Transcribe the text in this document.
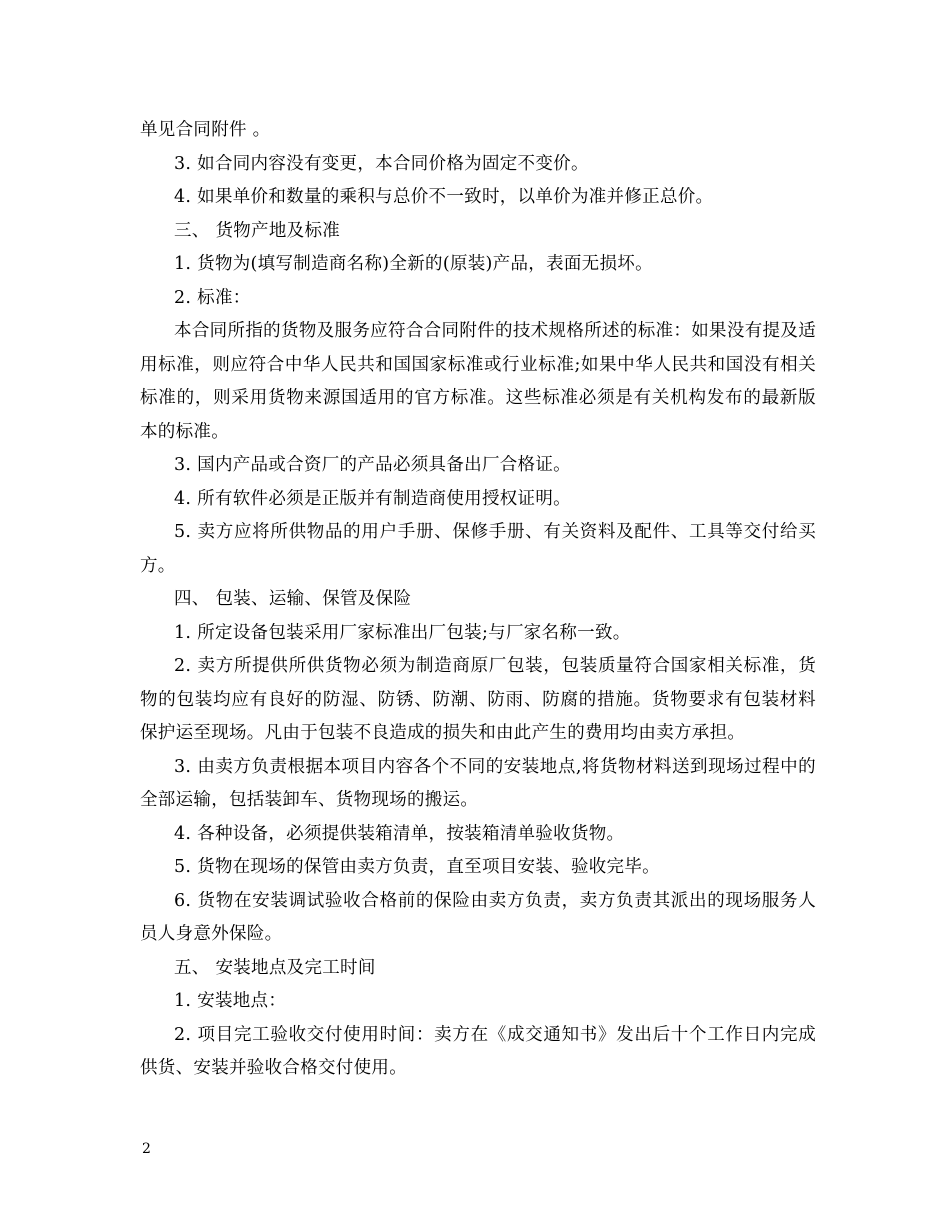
单见合同附件 。

3. 如合同内容没有变更，本合同价格为固定不变价。

4. 如果单价和数量的乘积与总价不一致时，以单价为准并修正总价。

三、 货物产地及标准

1. 货物为(填写制造商名称)全新的(原装)产品，表面无损坏。

2. 标准：

本合同所指的货物及服务应符合合同附件的技术规格所述的标准：如果没有提及适用标准，则应符合中华人民共和国国家标准或行业标准;如果中华人民共和国没有相关标准的，则采用货物来源国适用的官方标准。这些标准必须是有关机构发布的最新版本的标准。

3. 国内产品或合资厂的产品必须具备出厂合格证。

4. 所有软件必须是正版并有制造商使用授权证明。

5. 卖方应将所供物品的用户手册、保修手册、有关资料及配件、工具等交付给买方。

四、 包装、运输、保管及保险

1. 所定设备包装采用厂家标准出厂包装;与厂家名称一致。

2. 卖方所提供所供货物必须为制造商原厂包装，包装质量符合国家相关标准，货物的包装均应有良好的防湿、防锈、防潮、防雨、防腐的措施。货物要求有包装材料保护运至现场。凡由于包装不良造成的损失和由此产生的费用均由卖方承担。

3. 由卖方负责根据本项目内容各个不同的安装地点,将货物材料送到现场过程中的全部运输，包括装卸车、货物现场的搬运。

4. 各种设备，必须提供装箱清单，按装箱清单验收货物。

5. 货物在现场的保管由卖方负责，直至项目安装、验收完毕。

6. 货物在安装调试验收合格前的保险由卖方负责，卖方负责其派出的现场服务人员人身意外保险。

五、 安装地点及完工时间

1. 安装地点：

2. 项目完工验收交付使用时间：卖方在《成交通知书》发出后十个工作日内完成供货、安装并验收合格交付使用。

2
